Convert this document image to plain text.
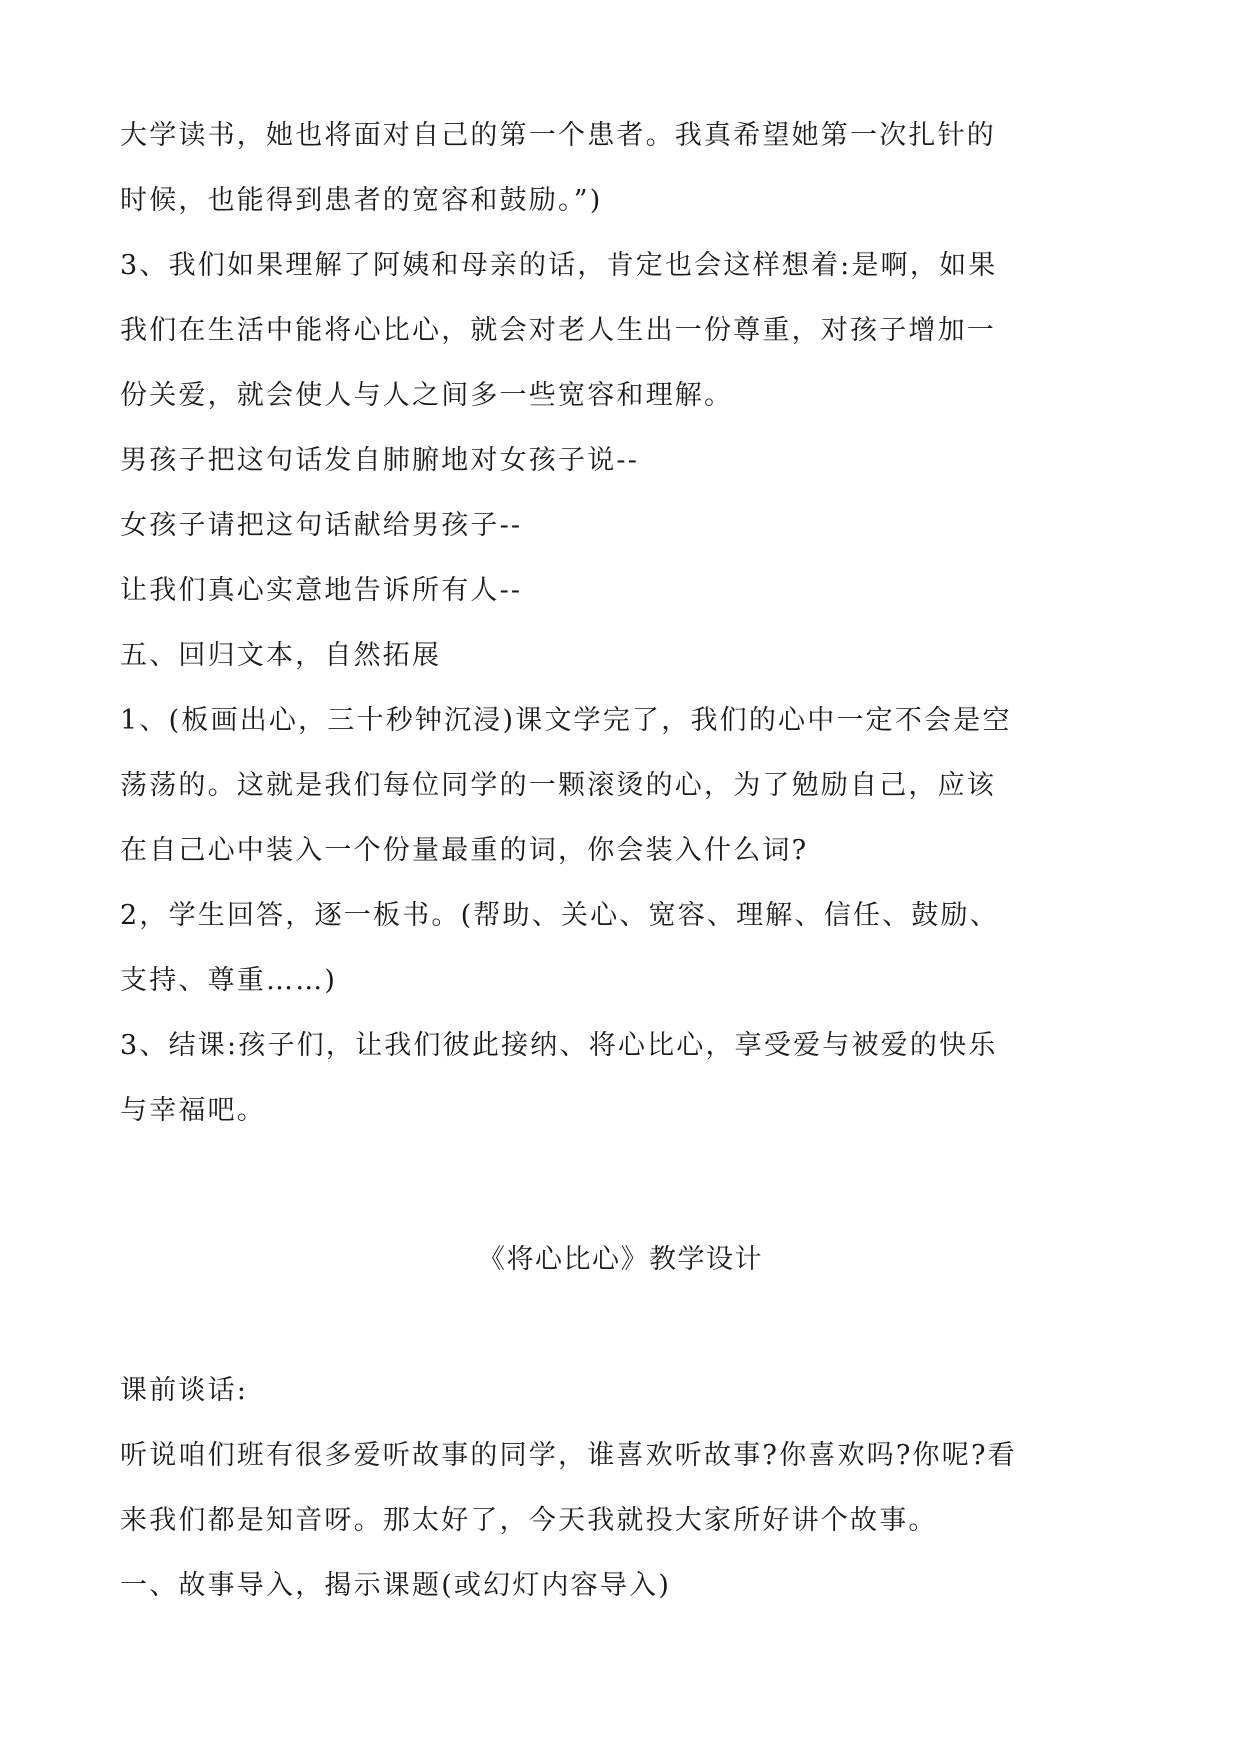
大学读书，她也将面对自己的第一个患者。我真希望她第一次扎针的
时候，也能得到患者的宽容和鼓励。”)
3、我们如果理解了阿姨和母亲的话，肯定也会这样想着:是啊，如果
我们在生活中能将心比心，就会对老人生出一份尊重，对孩子增加一
份关爱，就会使人与人之间多一些宽容和理解。
男孩子把这句话发自肺腑地对女孩子说--
女孩子请把这句话献给男孩子--
让我们真心实意地告诉所有人--
五、回归文本，自然拓展
1、(板画出心，三十秒钟沉浸)课文学完了，我们的心中一定不会是空
荡荡的。这就是我们每位同学的一颗滚烫的心，为了勉励自己，应该
在自己心中装入一个份量最重的词，你会装入什么词?
2，学生回答，逐一板书。(帮助、关心、宽容、理解、信任、鼓励、
支持、尊重……)
3、结课:孩子们，让我们彼此接纳、将心比心，享受爱与被爱的快乐
与幸福吧。
《将心比心》教学设计
课前谈话:
听说咱们班有很多爱听故事的同学，谁喜欢听故事?你喜欢吗?你呢?看
来我们都是知音呀。那太好了，今天我就投大家所好讲个故事。
一、故事导入，揭示课题(或幻灯内容导入)
